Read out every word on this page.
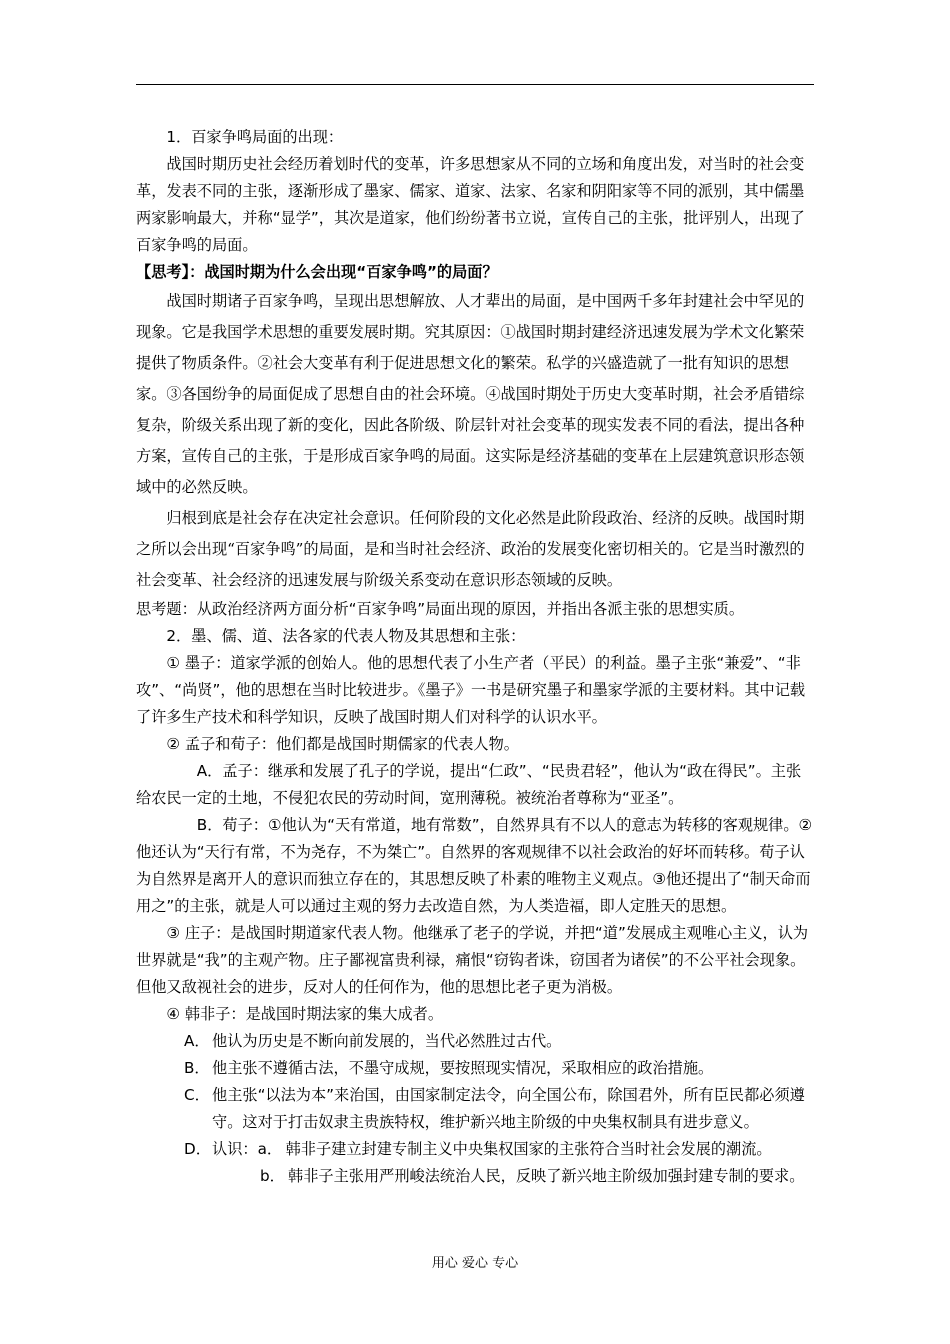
1．百家争鸣局面的出现：

战国时期历史社会经历着划时代的变革，许多思想家从不同的立场和角度出发，对当时的社会变革，发表不同的主张，逐渐形成了墨家、儒家、道家、法家、名家和阴阳家等不同的派别，其中儒墨两家影响最大，并称“显学”，其次是道家，他们纷纷著书立说，宣传自己的主张，批评别人，出现了百家争鸣的局面。

【思考】：战国时期为什么会出现“百家争鸣”的局面？

战国时期诸子百家争鸣，呈现出思想解放、人才辈出的局面，是中国两千多年封建社会中罕见的现象。它是我国学术思想的重要发展时期。究其原因：①战国时期封建经济迅速发展为学术文化繁荣提供了物质条件。②社会大变革有利于促进思想文化的繁荣。私学的兴盛造就了一批有知识的思想家。③各国纷争的局面促成了思想自由的社会环境。④战国时期处于历史大变革时期，社会矛盾错综复杂，阶级关系出现了新的变化，因此各阶级、阶层针对社会变革的现实发表不同的看法，提出各种方案，宣传自己的主张，于是形成百家争鸣的局面。这实际是经济基础的变革在上层建筑意识形态领域中的必然反映。

归根到底是社会存在决定社会意识。任何阶段的文化必然是此阶段政治、经济的反映。战国时期之所以会出现“百家争鸣”的局面，是和当时社会经济、政治的发展变化密切相关的。它是当时激烈的社会变革、社会经济的迅速发展与阶级关系变动在意识形态领域的反映。

思考题：从政治经济两方面分析“百家争鸣”局面出现的原因，并指出各派主张的思想实质。

2．墨、儒、道、法各家的代表人物及其思想和主张：

① 墨子：道家学派的创始人。他的思想代表了小生产者（平民）的利益。墨子主张“兼爱”、“非攻”、“尚贤”，他的思想在当时比较进步。《墨子》一书是研究墨子和墨家学派的主要材料。其中记载了许多生产技术和科学知识，反映了战国时期人们对科学的认识水平。

② 孟子和荀子：他们都是战国时期儒家的代表人物。

A．孟子：继承和发展了孔子的学说，提出“仁政”、“民贵君轻”，他认为“政在得民”。主张给农民一定的土地，不侵犯农民的劳动时间，宽刑薄税。被统治者尊称为“亚圣”。

B．荀子：①他认为“天有常道，地有常数”，自然界具有不以人的意志为转移的客观规律。②他还认为“天行有常，不为尧存，不为桀亡”。自然界的客观规律不以社会政治的好坏而转移。荀子认为自然界是离开人的意识而独立存在的，其思想反映了朴素的唯物主义观点。③他还提出了“制天命而用之”的主张，就是人可以通过主观的努力去改造自然，为人类造福，即人定胜天的思想。

③ 庄子：是战国时期道家代表人物。他继承了老子的学说，并把“道”发展成主观唯心主义，认为世界就是“我”的主观产物。庄子鄙视富贵利禄，痛恨“窃钩者诛，窃国者为诸侯”的不公平社会现象。但他又敌视社会的进步，反对人的任何作为，他的思想比老子更为消极。

④ 韩非子：是战国时期法家的集大成者。

A． 他认为历史是不断向前发展的，当代必然胜过古代。
B． 他主张不遵循古法，不墨守成规，要按照现实情况，采取相应的政治措施。
C． 他主张“以法为本”来治国，由国家制定法令，向全国公布，除国君外，所有臣民都必须遵守。这对于打击奴隶主贵族特权，维护新兴地主阶级的中央集权制具有进步意义。
D． 认识： a． 韩非子建立封建专制主义中央集权国家的主张符合当时社会发展的潮流。
b． 韩非子主张用严刑峻法统治人民，反映了新兴地主阶级加强封建专制的要求。
用心 爱心 专心
